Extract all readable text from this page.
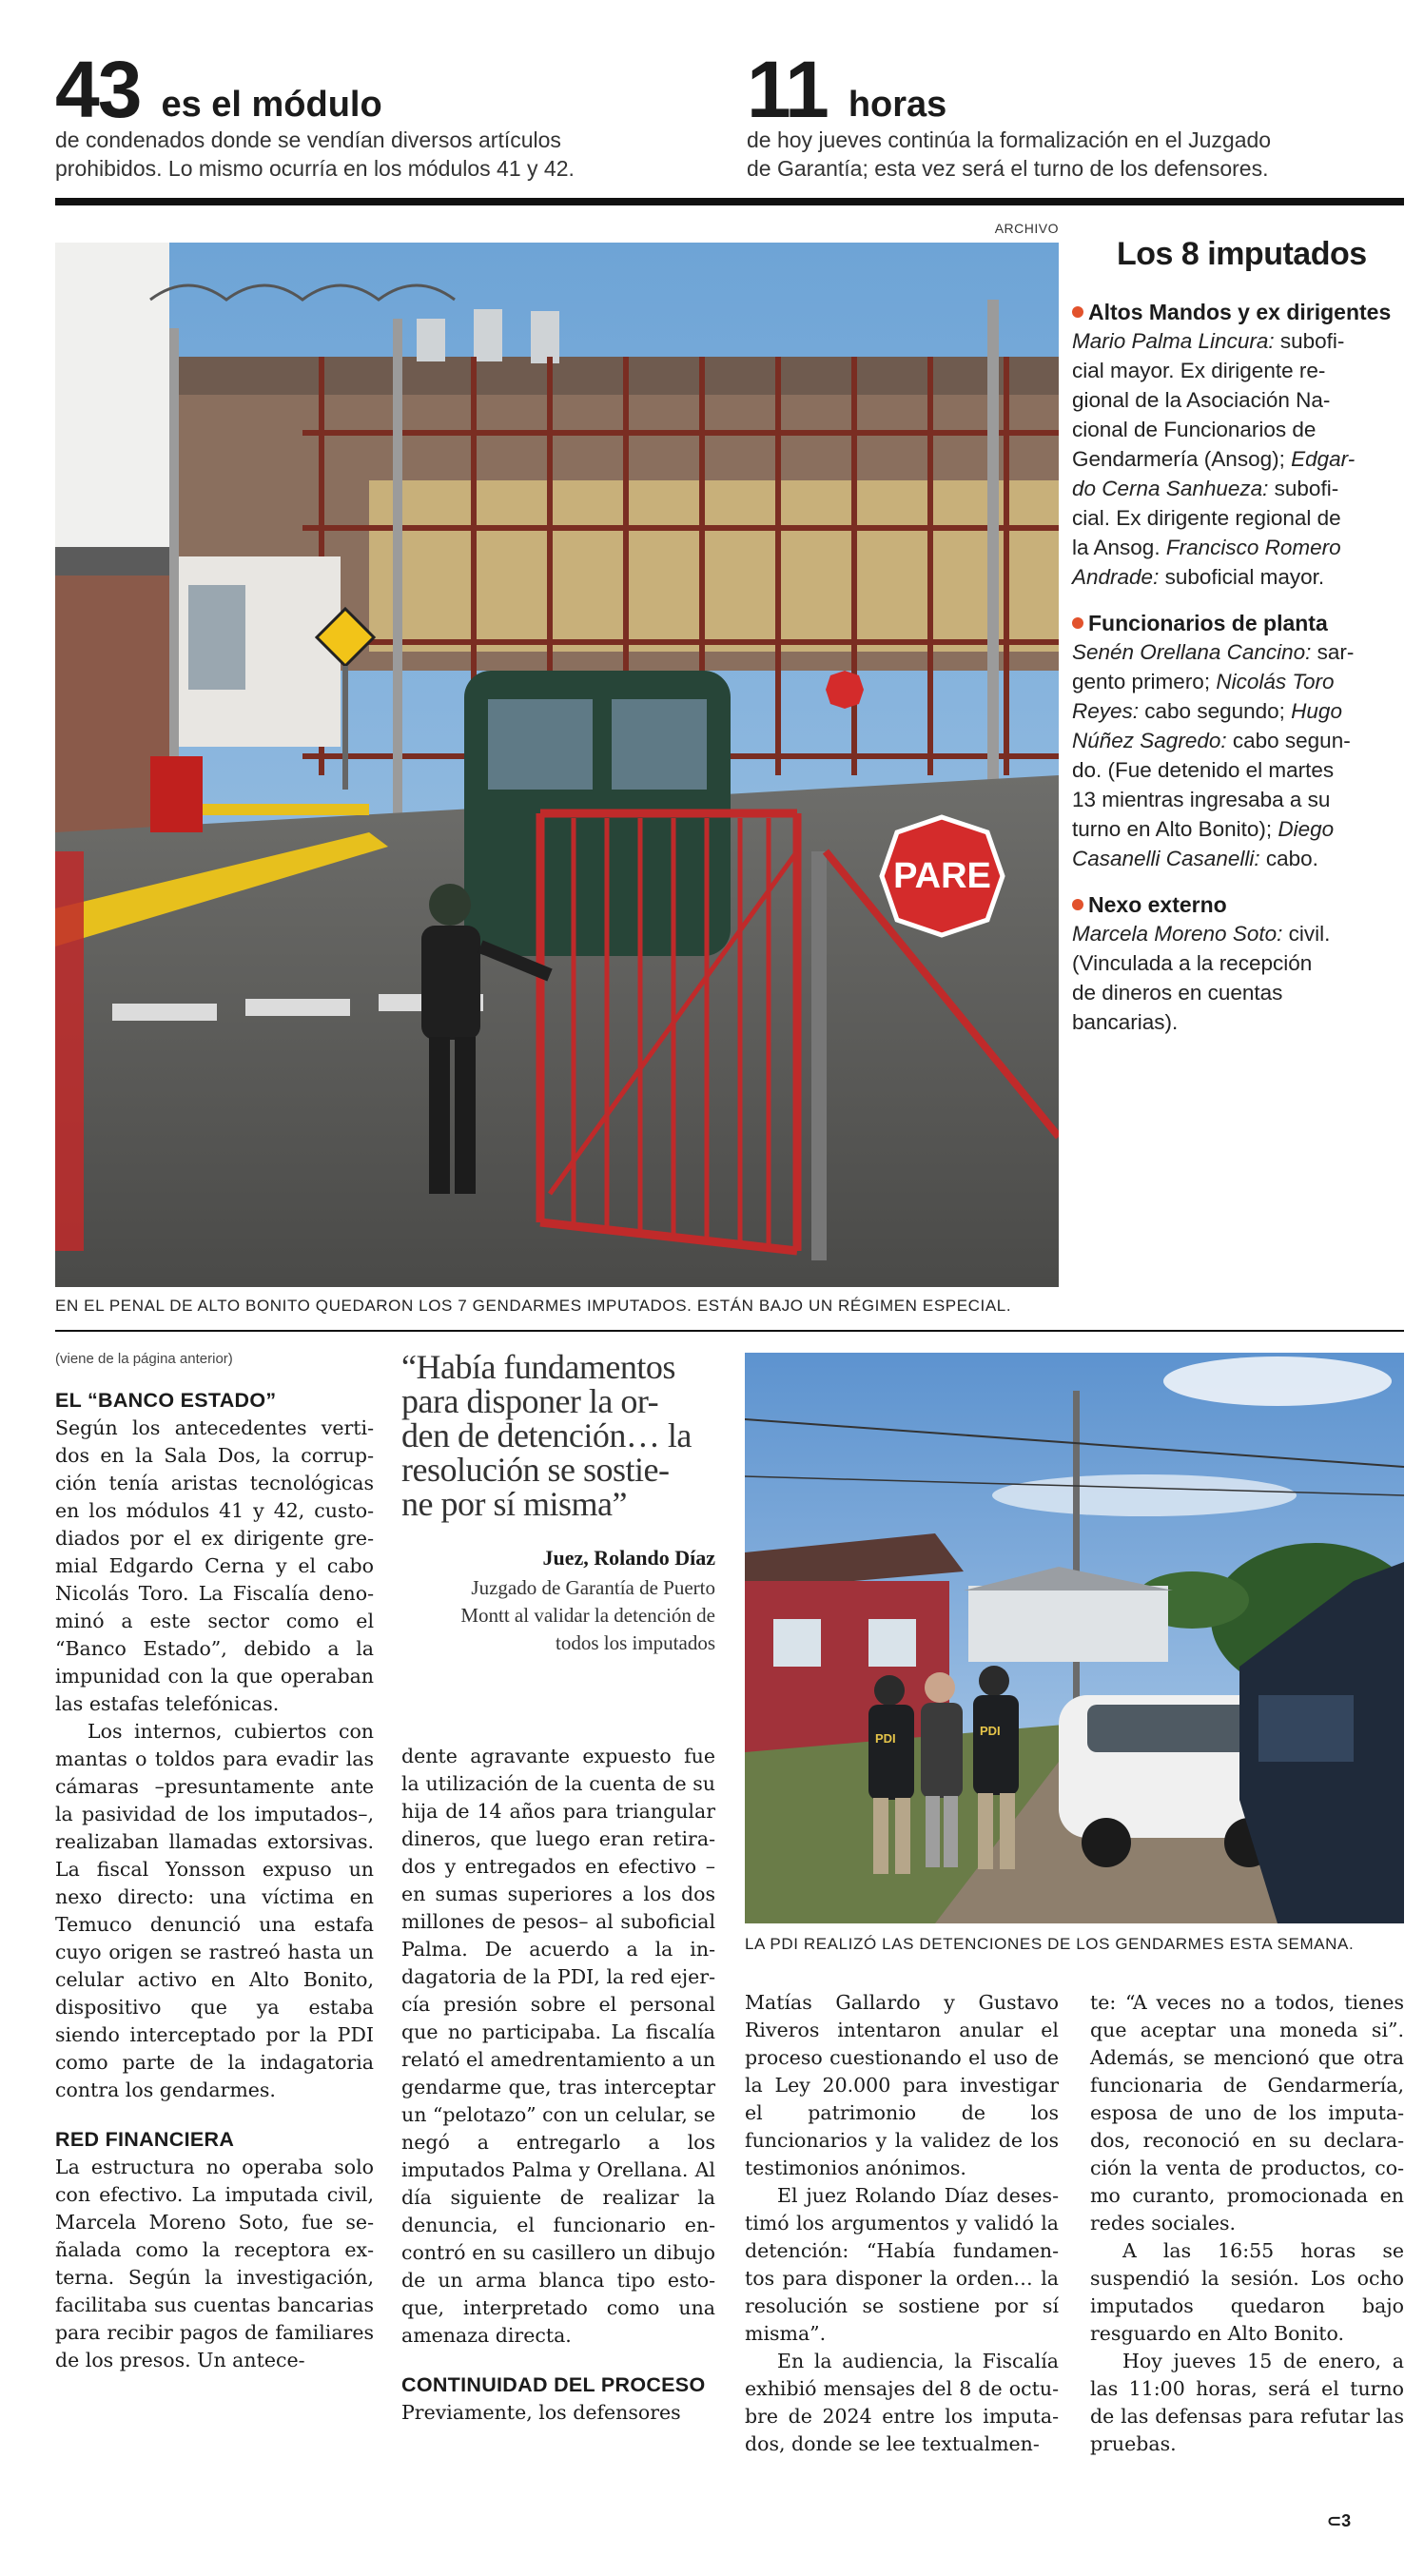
43 es el módulo
de condenados donde se vendían diversos artículos
prohibidos. Lo mismo ocurría en los módulos 41 y 42.
11 horas
de hoy jueves continúa la formalización en el Juzgado
de Garantía; esta vez será el turno de los defensores.
ARCHIVO
PARE
EN EL PENAL DE ALTO BONITO QUEDARON LOS 7 GENDARMES IMPUTADOS. ESTÁN BAJO UN RÉGIMEN ESPECIAL.
Los 8 imputados
Altos Mandos y ex dirigentes
Mario Palma Lincura: subofi-
cial mayor. Ex dirigente re-
gional de la Asociación Na-
cional de Funcionarios de
Gendarmería (Ansog); Edgar-
do Cerna Sanhueza: subofi-
cial. Ex dirigente regional de
la Ansog. Francisco Romero
Andrade: suboficial mayor.
Funcionarios de planta
Senén Orellana Cancino: sar-
gento primero; Nicolás Toro
Reyes: cabo segundo; Hugo
Núñez Sagredo: cabo segun-
do. (Fue detenido el martes
13 mientras ingresaba a su
turno en Alto Bonito); Diego
Casanelli Casanelli: cabo.
Nexo externo
Marcela Moreno Soto: civil.
(Vinculada a la recepción
de dineros en cuentas
bancarias).
(viene de la página anterior)
EL “BANCO ESTADO”

Según los antecedentes vertidos en la Sala Dos, la corrupción tenía aristas tecnológicas en los módulos 41 y 42, custodiados por el ex dirigente gremial Edgardo Cerna y el cabo Nicolás Toro. La Fiscalía denominó a este sector como el “Banco Estado”, debido a la impunidad con la que operaban las estafas telefónicas.

Los internos, cubiertos con mantas o toldos para evadir las cámaras –presuntamente ante la pasividad de los imputados–, realizaban llamadas extorsivas. La fiscal Yonsson expuso un nexo directo: una víctima en Temuco denunció una estafa cuyo origen se rastreó hasta un celular activo en Alto Bonito, dispositivo que ya estaba siendo interceptado por la PDI como parte de la indagatoria contra los gendarmes.

RED FINANCIERA

La estructura no operaba solo con efectivo. La imputada civil, Marcela Moreno Soto, fue señalada como la receptora externa. Según la investigación, facilitaba sus cuentas bancarias para recibir pagos de familiares de los presos. Un antece-

dente agravante expuesto fue la utilización de la cuenta de su hija de 14 años para triangular dineros, que luego eran retirados y entregados en efectivo –en sumas superiores a los dos millones de pesos– al suboficial Palma. De acuerdo a la indagatoria de la PDI, la red ejercía presión sobre el personal que no participaba. La fiscalía relató el amedrentamiento a un gendarme que, tras interceptar un “pelotazo” con un celular, se negó a entregarlo a los imputados Palma y Orellana. Al día siguiente de realizar la denuncia, el funcionario encontró en su casillero un dibujo de un arma blanca tipo estoque, interpretado como una amenaza directa.

CONTINUIDAD DEL PROCESO

Previamente, los defensores

Matías Gallardo y Gustavo Riveros intentaron anular el proceso cuestionando el uso de la Ley 20.000 para investigar el patrimonio de los funcionarios y la validez de los testimonios anónimos.

El juez Rolando Díaz desestimó los argumentos y validó la detención: “Había fundamentos para disponer la orden… la resolución se sostiene por sí misma”.

En la audiencia, la Fiscalía exhibió mensajes del 8 de octubre de 2024 entre los imputados, donde se lee textualmen-

te: “A veces no a todos, tienes que aceptar una moneda si”. Además, se mencionó que otra funcionaria de Gendarmería, esposa de uno de los imputados, reconoció en su declaración la venta de productos, como curanto, promocionada en redes sociales.

A las 16:55 horas se suspendió la sesión. Los ocho imputados quedaron bajo resguardo en Alto Bonito.

Hoy jueves 15 de enero, a las 11:00 horas, será el turno de las defensas para refutar las pruebas.

⊂3
“Había fundamentos
para disponer la or-
den de detención… la
resolución se sostie-
ne por sí misma”
Juez, Rolando Díaz
Juzgado de Garantía de Puerto
Montt al validar la detención de
todos los imputados
PDI
PDI
LA PDI REALIZÓ LAS DETENCIONES DE LOS GENDARMES ESTA SEMANA.
